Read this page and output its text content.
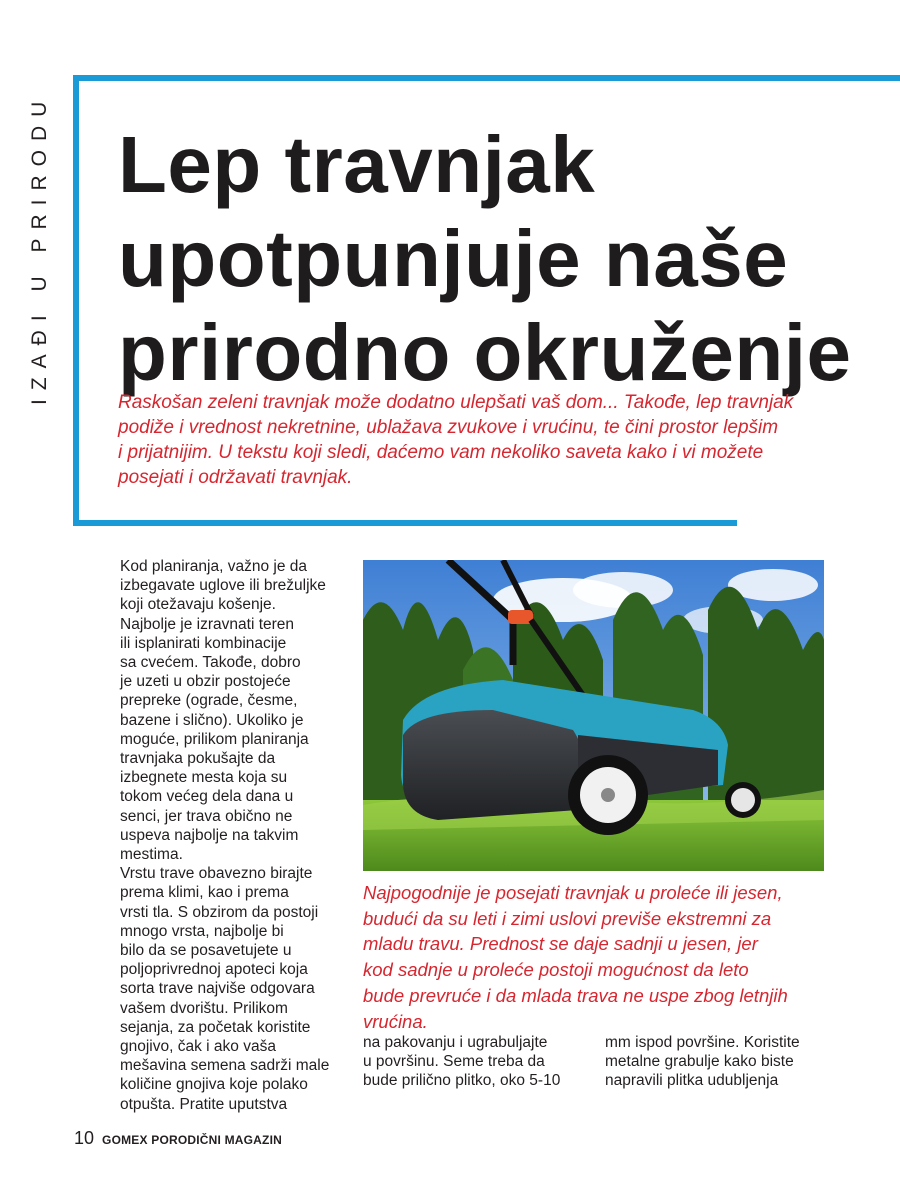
IZAĐI U PRIRODU Lep travnjak
upotpunjuje naše
prirodno okruženje

Raskošan zeleni travnjak može dodatno ulepšati vaš dom... Takođe, lep travnjak
podiže i vrednost nekretnine, ublažava zvukove i vrućinu, te čini prostor lepšim
i prijatnijim. U tekstu koji sledi, daćemo vam nekoliko saveta kako i vi možete
posejati i održavati travnjak.

Kod planiranja, važno je da
izbegavate uglove ili brežuljke
koji otežavaju košenje.
Najbolje je izravnati teren
ili isplanirati kombinacije
sa cvećem. Takođe, dobro
je uzeti u obzir postojeće
prepreke (ograde, česme,
bazene i slično). Ukoliko je
moguće, prilikom planiranja
travnjaka pokušajte da
izbegnete mesta koja su
tokom većeg dela dana u
senci, jer trava obično ne
uspeva najbolje na takvim
mestima.
Vrstu trave obavezno birajte
prema klimi, kao i prema
vrsti tla. S obzirom da postoji
mnogo vrsta, najbolje bi
bilo da se posavetujete u
poljoprivrednoj apoteci koja
sorta trave najviše odgovara
vašem dvorištu. Prilikom
sejanja, za početak koristite
gnojivo, čak i ako vaša
mešavina semena sadrži male
količine gnojiva koje polako
otpušta. Pratite uputstva

Najpogodnije je posejati travnjak u proleće ili jesen,
budući da su leti i zimi uslovi previše ekstremni za
mladu travu. Prednost se daje sadnji u jesen, jer
kod sadnje u proleće postoji mogućnost da leto
bude prevruće i da mlada trava ne uspe zbog letnjih
vrućina.

na pakovanju i ugrabuljajte
u površinu. Seme treba da
bude prilično plitko, oko 5-10
mm ispod površine. Koristite
metalne grabulje kako biste
napravili plitka udubljenja
10 GOMEX PORODIČNI MAGAZIN
